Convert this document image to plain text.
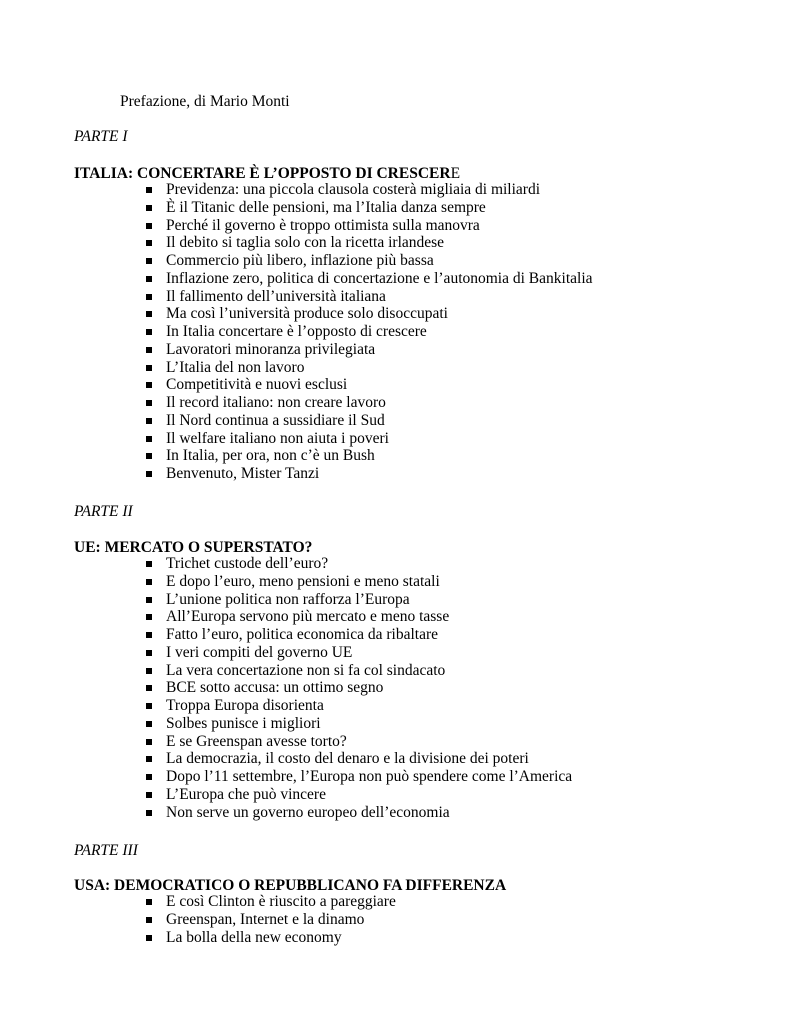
Prefazione, di Mario Monti
PARTE I
ITALIA: CONCERTARE È L’OPPOSTO DI CRESCERE
Previdenza: una piccola clausola costerà migliaia di miliardi
È il Titanic delle pensioni, ma l’Italia danza sempre
Perché il governo è troppo ottimista sulla manovra
Il debito si taglia solo con la ricetta irlandese
Commercio più libero, inflazione più bassa
Inflazione zero, politica di concertazione e l’autonomia di Bankitalia
Il fallimento dell’università italiana
Ma così l’università produce solo disoccupati
In Italia concertare è l’opposto di crescere
Lavoratori minoranza privilegiata
L’Italia del non lavoro
Competitività e nuovi esclusi
Il record italiano: non creare lavoro
Il Nord continua a sussidiare il Sud
Il welfare italiano non aiuta i poveri
In Italia, per ora, non c’è un Bush
Benvenuto, Mister Tanzi
PARTE II
UE: MERCATO O SUPERSTATO?
Trichet custode dell’euro?
E dopo l’euro, meno pensioni e meno statali
L’unione politica non rafforza l’Europa
All’Europa servono più mercato e meno tasse
Fatto l’euro, politica economica da ribaltare
I veri compiti del governo UE
La vera concertazione non si fa col sindacato
BCE sotto accusa: un ottimo segno
Troppa Europa disorienta
Solbes punisce i migliori
E se Greenspan avesse torto?
La democrazia, il costo del denaro e la divisione dei poteri
Dopo l’11 settembre, l’Europa non può spendere come l’America
L’Europa che può vincere
Non serve un governo europeo dell’economia
PARTE III
USA: DEMOCRATICO O REPUBBLICANO FA DIFFERENZA
E così Clinton è riuscito a pareggiare
Greenspan, Internet e la dinamo
La bolla della new economy
